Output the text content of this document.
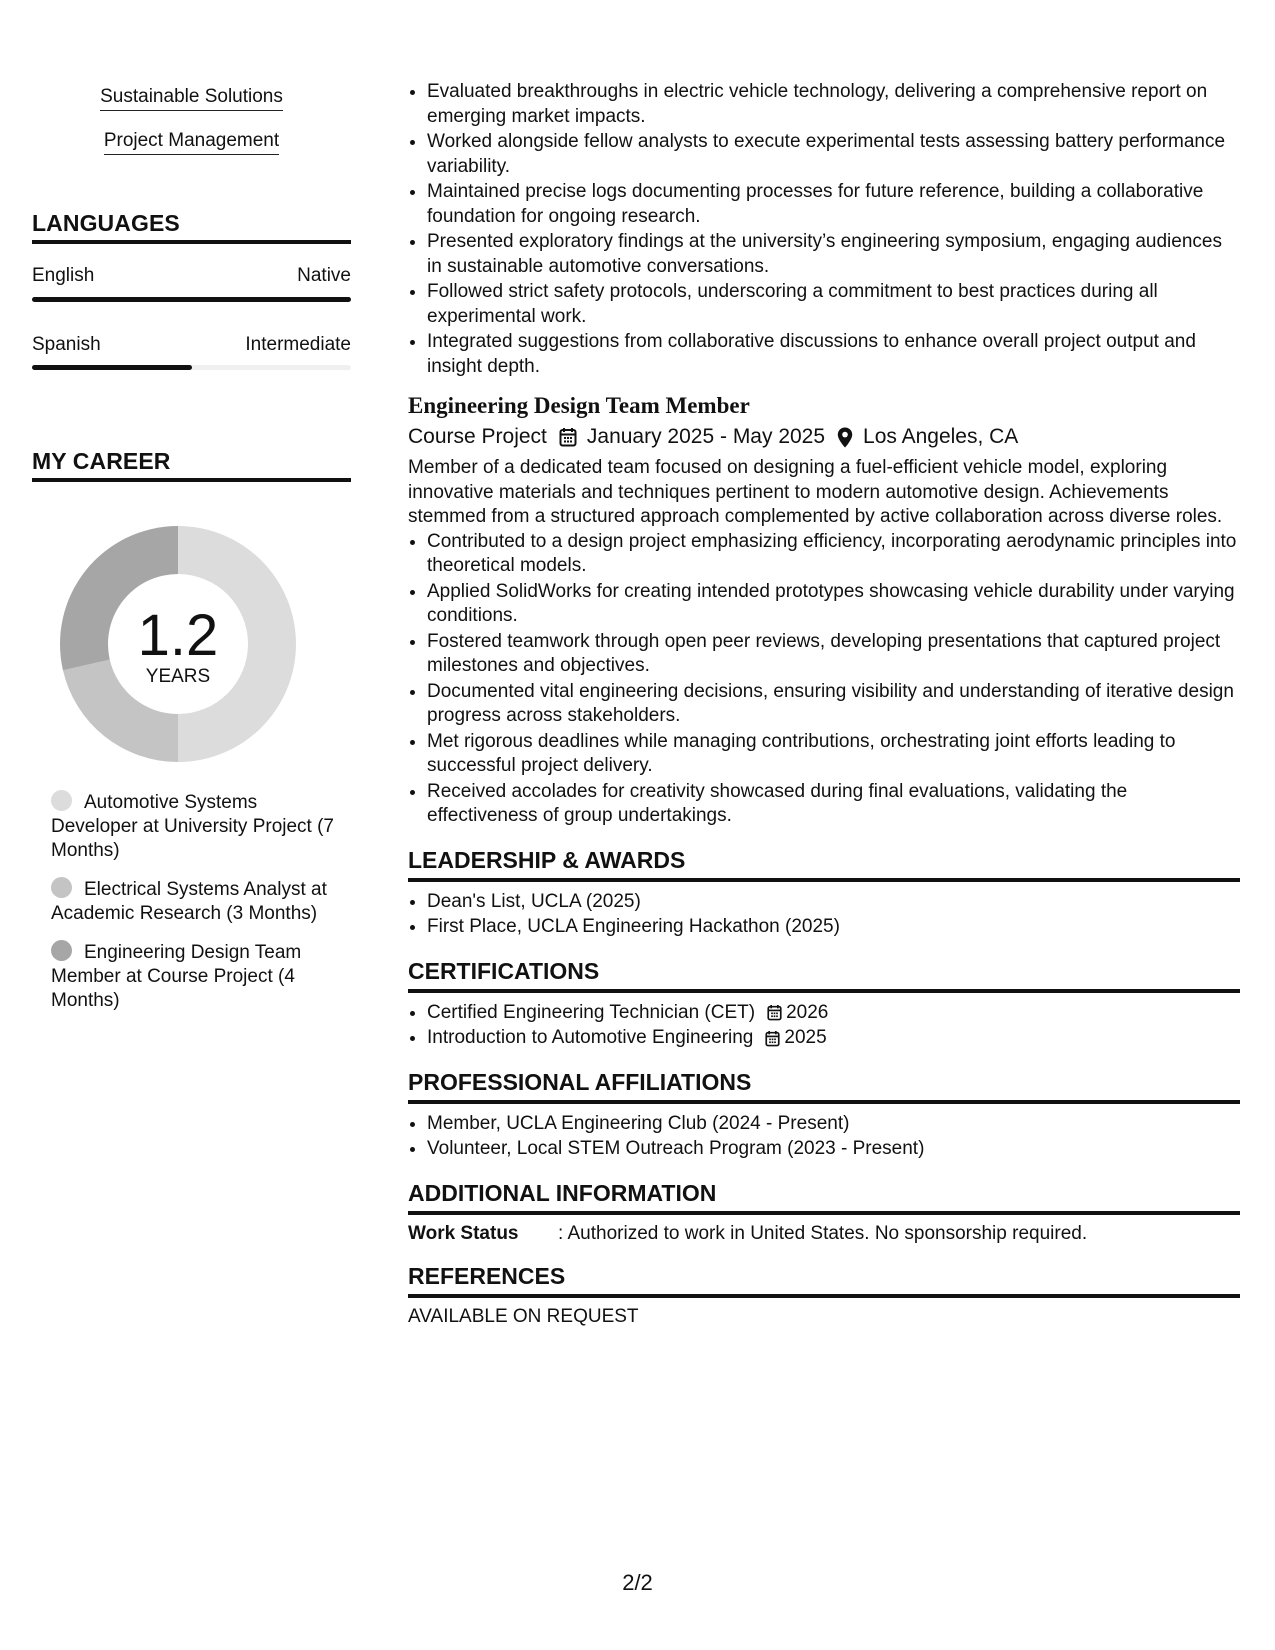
Sustainable Solutions
Project Management
LANGUAGES
English	Native
Spanish	Intermediate
MY CAREER
1.2
YEARS
Automotive Systems Developer at University Project (7 Months)
Electrical Systems Analyst at Academic Research (3 Months)
Engineering Design Team Member at Course Project (4 Months)
• Evaluated breakthroughs in electric vehicle technology, delivering a comprehensive report on emerging market impacts.
• Worked alongside fellow analysts to execute experimental tests assessing battery performance variability.
• Maintained precise logs documenting processes for future reference, building a collaborative foundation for ongoing research.
• Presented exploratory findings at the university’s engineering symposium, engaging audiences in sustainable automotive conversations.
• Followed strict safety protocols, underscoring a commitment to best practices during all experimental work.
• Integrated suggestions from collaborative discussions to enhance overall project output and insight depth.
Engineering Design Team Member
Course Project January 2025 - May 2025 Los Angeles, CA
Member of a dedicated team focused on designing a fuel-efficient vehicle model, exploring innovative materials and techniques pertinent to modern automotive design. Achievements stemmed from a structured approach complemented by active collaboration across diverse roles.
• Contributed to a design project emphasizing efficiency, incorporating aerodynamic principles into theoretical models.
• Applied SolidWorks for creating intended prototypes showcasing vehicle durability under varying conditions.
• Fostered teamwork through open peer reviews, developing presentations that captured project milestones and objectives.
• Documented vital engineering decisions, ensuring visibility and understanding of iterative design progress across stakeholders.
• Met rigorous deadlines while managing contributions, orchestrating joint efforts leading to successful project delivery.
• Received accolades for creativity showcased during final evaluations, validating the effectiveness of group undertakings.
LEADERSHIP & AWARDS
• Dean's List, UCLA (2025)
• First Place, UCLA Engineering Hackathon (2025)
CERTIFICATIONS
• Certified Engineering Technician (CET) 2026
• Introduction to Automotive Engineering 2025
PROFESSIONAL AFFILIATIONS
• Member, UCLA Engineering Club (2024 - Present)
• Volunteer, Local STEM Outreach Program (2023 - Present)
ADDITIONAL INFORMATION
Work Status	: Authorized to work in United States. No sponsorship required.
REFERENCES
AVAILABLE ON REQUEST
2/2
